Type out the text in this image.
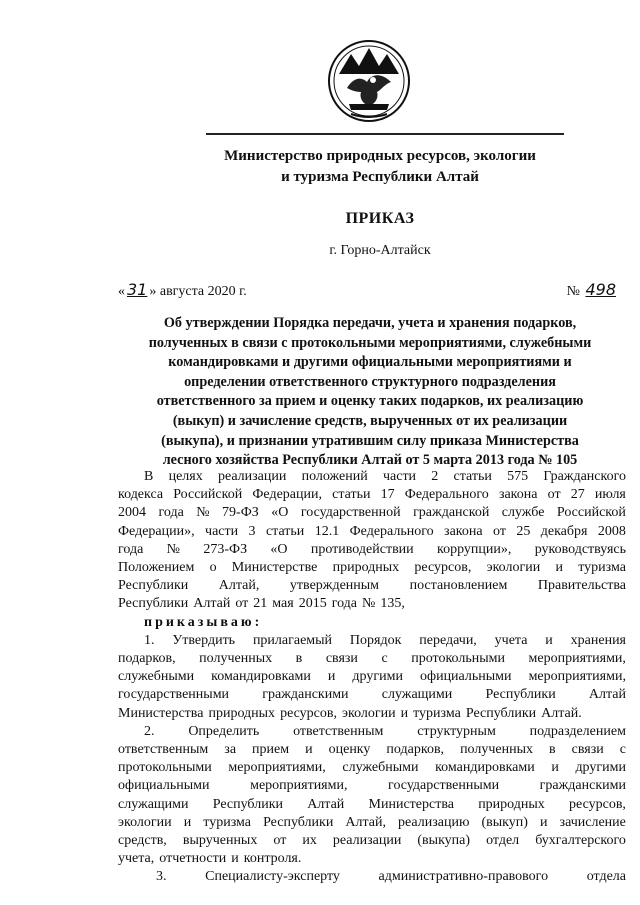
Министерство природных ресурсов, экологии
и туризма Республики Алтай
ПРИКАЗ
г. Горно-Алтайск
« 31 » августа 2020 г.	№ 498
Об утверждении Порядка передачи, учета и хранения подарков,
полученных в связи с протокольными мероприятиями, служебными
командировками и другими официальными мероприятиями и
определении ответственного структурного подразделения
ответственного за прием и оценку таких подарков, их реализацию
(выкуп) и зачисление средств, вырученных от их реализации
(выкупа), и признании утратившим силу приказа Министерства
лесного хозяйства Республики Алтай от 5 марта 2013 года № 105
В целях реализации положений части 2 статьи 575 Гражданского
кодекса Российской Федерации, статьи 17 Федерального закона от 27 июля
2004 года № 79-ФЗ «О государственной гражданской службе Российской
Федерации», части 3 статьи 12.1 Федерального закона от 25 декабря 2008
года № 273-ФЗ «О противодействии коррупции», руководствуясь
Положением о Министерстве природных ресурсов, экологии и туризма
Республики Алтай, утвержденным постановлением Правительства
Республики Алтай от 21 мая 2015 года № 135,
приказываю:
1. Утвердить прилагаемый Порядок передачи, учета и хранения
подарков, полученных в связи с протокольными мероприятиями,
служебными командировками и другими официальными мероприятиями,
государственными гражданскими служащими Республики Алтай
Министерства природных ресурсов, экологии и туризма Республики Алтай.
2. Определить ответственным структурным подразделением
ответственным за прием и оценку подарков, полученных в связи с
протокольными мероприятиями, служебными командировками и другими
официальными	мероприятиями,	государственными	гражданскими
служащими Республики Алтай Министерства природных ресурсов,
экологии и туризма Республики Алтай, реализацию (выкуп) и зачисление
средств, вырученных от их реализации (выкупа) отдел бухгалтерского
учета, отчетности и контроля.
3.	Специалисту-эксперту	административно-правового	отдела
